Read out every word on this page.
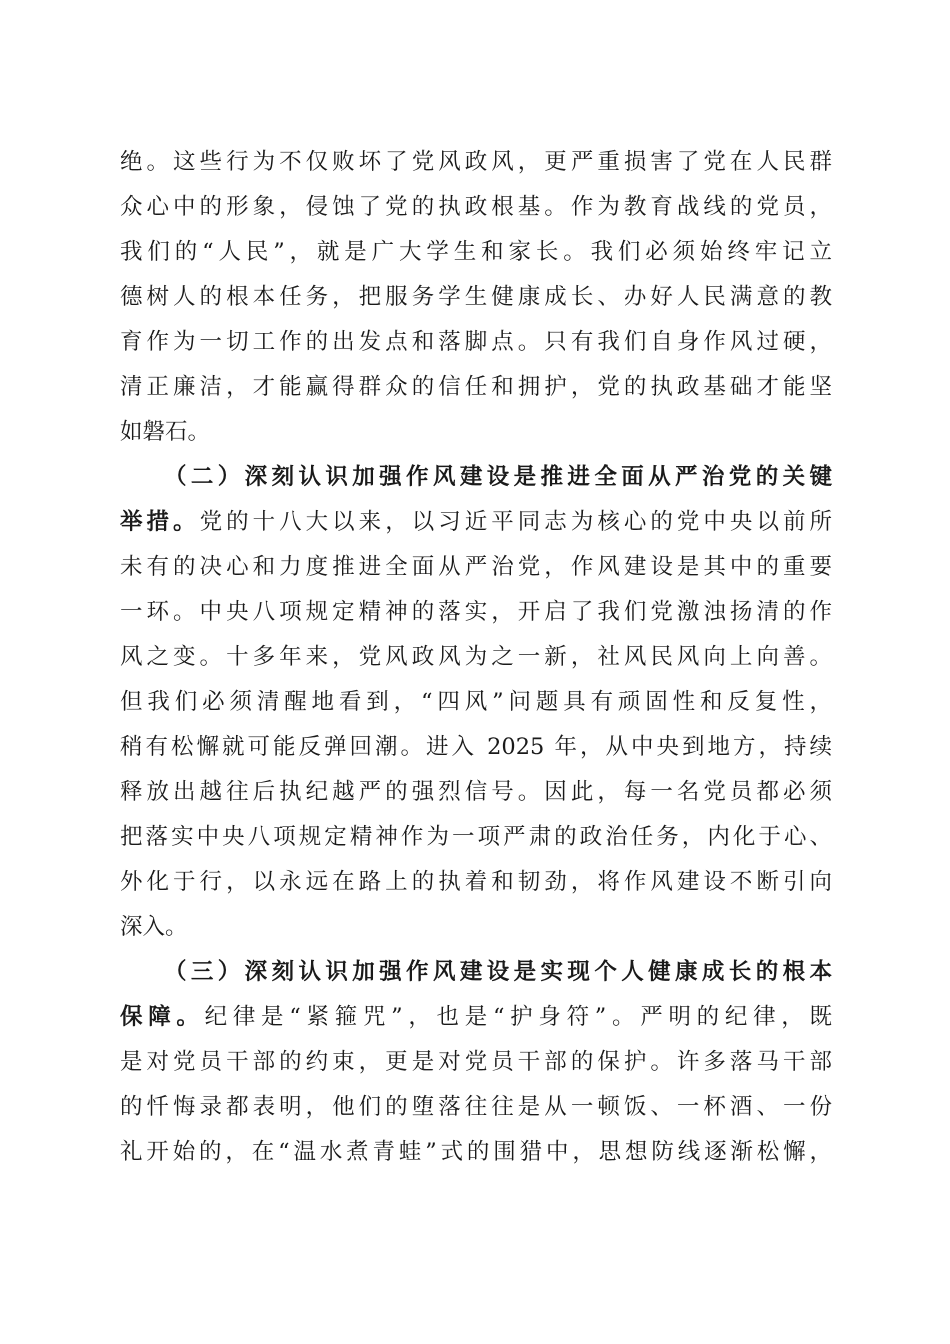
绝。这些行为不仅败坏了党风政风，更严重损害了党在人民群
众心中的形象，侵蚀了党的执政根基。作为教育战线的党员，
我们的“人民”，就是广大学生和家长。我们必须始终牢记立
德树人的根本任务，把服务学生健康成长、办好人民满意的教
育作为一切工作的出发点和落脚点。只有我们自身作风过硬，
清正廉洁，才能赢得群众的信任和拥护，党的执政基础才能坚
如磐石。
（二）深刻认识加强作风建设是推进全面从严治党的关键
举措。党的十八大以来，以习近平同志为核心的党中央以前所
未有的决心和力度推进全面从严治党，作风建设是其中的重要
一环。中央八项规定精神的落实，开启了我们党激浊扬清的作
风之变。十多年来，党风政风为之一新，社风民风向上向善。
但我们必须清醒地看到，“四风”问题具有顽固性和反复性，
稍有松懈就可能反弹回潮。进入 2025 年，从中央到地方，持续
释放出越往后执纪越严的强烈信号。因此，每一名党员都必须
把落实中央八项规定精神作为一项严肃的政治任务，内化于心、
外化于行，以永远在路上的执着和韧劲，将作风建设不断引向
深入。
（三）深刻认识加强作风建设是实现个人健康成长的根本
保障。纪律是“紧箍咒”，也是“护身符”。严明的纪律，既
是对党员干部的约束，更是对党员干部的保护。许多落马干部
的忏悔录都表明，他们的堕落往往是从一顿饭、一杯酒、一份
礼开始的，在“温水煮青蛙”式的围猎中，思想防线逐渐松懈，
